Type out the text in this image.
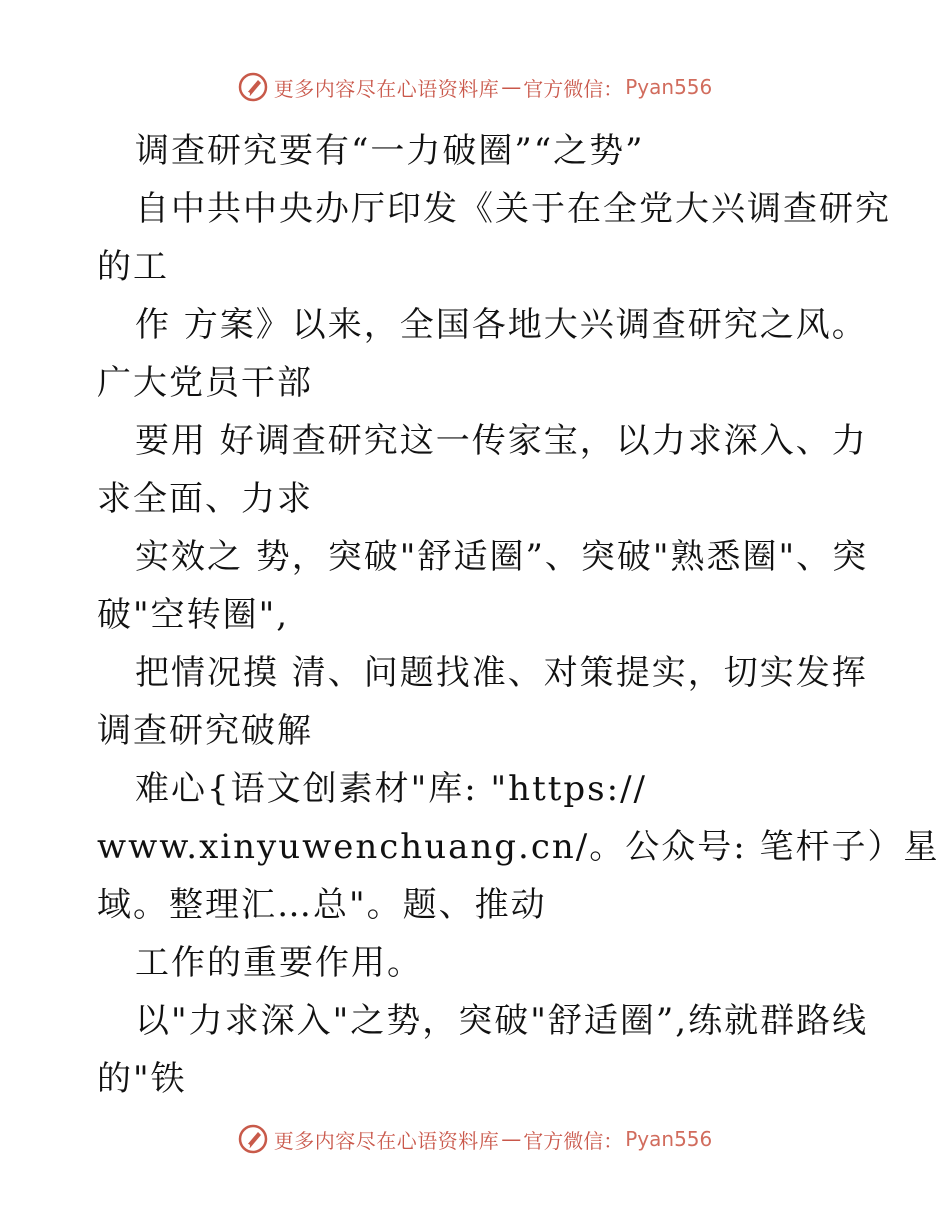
更多内容尽在心语资料库 — 官方微信： Pyan556
调查研究要有“一力破圈”“之势”
自中共中央办厅印发《关于在全党大兴调查研究
的工
作 方案》以来，全国各地大兴调查研究之风。
广大党员干部
要用 好调查研究这一传家宝，以力求深入、力
求全面、力求
实效之 势，突破"舒适圈”、突破"熟悉圈"、突
破"空转圈",
把情况摸 清、问题找准、对策提实，切实发挥
调查研究破解
难心{语文创素材"库: "https://
www.xinyuwenchuang.cn/。公众号: 笔杆子）星
域。整理汇…总"。题、推动
工作的重要作用。
以"力求深入"之势，突破"舒适圈”,练就群路线
的"铁
更多内容尽在心语资料库 — 官方微信： Pyan556
